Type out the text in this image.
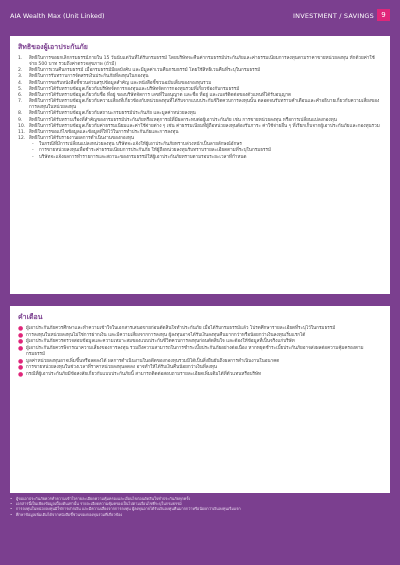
AIA Wealth Max (Unit Linked)	INVESTMENT / SAVINGS	9
สิทธิของผู้เอาประกันภัย
1.	สิทธิในการขอยกเลิกกรมธรรม์ภายใน 15 วันนับแต่วันที่ได้รับกรมธรรม์ โดยบริษัทจะคืนค่ากรมธรรม์ประกันภัยและค่าธรรมเนียมการลงทุนตามราคาขายหน่วยลงทุน หักด้วยค่าใช้จ่าย 500 บาท รวมถึงค่าตรวจสุขภาพ (ถ้ามี)
2.	สิทธิในการเวนคืนกรมธรรม์ เมื่อกรมธรรม์มีผลบังคับ และมีมูลค่าเวนคืนกรมธรรม์ โดยใช้สิทธิเวนคืนที่ระบุในกรมธรรม์
3.	สิทธิในการรับทราบการจัดสรรเงินประกันภัยที่ลงทุนในกองทุน
4.	สิทธิในการขอรับหนังสือชี้ชวนส่วนสรุปข้อมูลสำคัญ และหนังสือชี้ชวนฉบับเต็มของกองทุนรวม
5.	สิทธิในการได้รับทราบข้อมูลเกี่ยวกับบริษัทจัดการกองทุนและบริษัทจัดการกองทุนรวมที่เกี่ยวข้องกับกรมธรรม์
6.	สิทธิในการได้รับทราบข้อมูลเกี่ยวกับชื่อ ที่อยู่ ของบริษัทจัดการ เลขที่ใบอนุญาต และชื่อ ที่อยู่ และเบอร์ติดต่อของตัวแทนที่ได้รับอนุญาต
7.	สิทธิในการได้รับทราบข้อมูลเกี่ยวกับความเสี่ยงที่เกี่ยวข้องกับหน่วยลงทุนที่ได้รับจากแบบประกันชีวิตควบการลงทุนนั้น ตลอดจนรับทราบคำเตือนและคำอธิบายเกี่ยวกับความเสี่ยงของการลงทุนในหน่วยลงทุน
8.	สิทธิในการได้รับทราบข้อมูลเกี่ยวกับสถานะกรมธรรม์ประกันภัย และมูลค่าหน่วยลงทุน
9.	สิทธิในการได้รับทราบเรื่องที่สำคัญของกรมธรรม์ประกันภัยหรือเหตุการณ์ที่มีผลกระทบต่อผู้เอาประกันภัย เช่น การขายหน่วยลงทุน หรือการเปลี่ยนแปลงกองทุน
10. สิทธิในการได้รับทราบข้อมูลเกี่ยวกับค่าธรรมเนียมและค่าใช้จ่ายต่าง ๆ เช่น ค่าธรรมเนียมที่ผู้ถือหน่วยลงทุนต้องรับภาระ ค่าใช้จ่ายอื่น ๆ ที่เรียกเก็บจากผู้เอาประกันภัยและกองทุนรวม
11. สิทธิในการขอแก้ไขข้อมูลและข้อมูลที่ให้ไว้ในการทำประกันภัยและการลงทุน
12. สิทธิในการได้รับรายงานผลการดำเนินงานของกองทุน
-	ในกรณีที่มีการเปลี่ยนแปลงหน่วยลงทุน บริษัทจะแจ้งให้ผู้เอาประกันภัยทราบล่วงหน้าเป็นลายลักษณ์อักษร
-	การขายหน่วยลงทุนเพื่อชำระค่าธรรมเนียมการประกันภัย ให้ผู้ถือหน่วยลงทุนรับทราบรายละเอียดตามที่ระบุในกรมธรรม์
-	บริษัทจะแจ้งผลการทำรายการและสถานะของกรมธรรม์ให้ผู้เอาประกันภัยทราบตามรอบระยะเวลาที่กำหนด
คำเตือน
● ผู้เอาประกันภัยควรศึกษาและทำความเข้าใจในเอกสารเสนอขายก่อนตัดสินใจทำประกันภัย เมื่อได้รับกรมธรรม์แล้ว โปรดศึกษารายละเอียดที่ระบุไว้ในกรมธรรม์
● การลงทุนในหน่วยลงทุนไม่ใช่การฝากเงิน และมีความเสี่ยงจากการลงทุน ผู้ลงทุนอาจได้รับเงินลงทุนคืนมากกว่าหรือน้อยกว่าเงินลงทุนเริ่มแรกได้
● ผู้เอาประกันภัยควรตรวจสอบข้อมูลและความเหมาะสมของแบบประกันชีวิตควบการลงทุนก่อนตัดสินใจ และต้องให้ข้อมูลที่เป็นจริงแก่บริษัท
● ผู้เอาประกันภัยควรพิจารณาความเสี่ยงของการลงทุน รวมถึงความสามารถในการชำระเบี้ยประกันภัยอย่างต่อเนื่อง หากหยุดชำระเบี้ยประกันภัยอาจส่งผลต่อความคุ้มครองตามกรมธรรม์
● มูลค่าหน่วยลงทุนอาจเพิ่มขึ้นหรือลดลงได้ ผลการดำเนินงานในอดีตของกองทุนรวมมิได้เป็นสิ่งยืนยันถึงผลการดำเนินงานในอนาคต
● การขายหน่วยลงทุนในช่วงเวลาที่ราคาหน่วยลงทุนลดลง อาจทำให้ได้รับเงินคืนน้อยกว่าเงินที่ลงทุน
● กรณีที่ผู้เอาประกันภัยมีข้อสงสัยเกี่ยวกับแบบประกันภัยนี้ สามารถติดต่อสอบถามรายละเอียดเพิ่มเติมได้ที่ตัวแทนหรือบริษัท
• ผู้ขอเอาประกันภัยควรทำความเข้าใจรายละเอียดความคุ้มครองและเงื่อนไขก่อนตัดสินใจทำประกันภัยทุกครั้ง
• เอกสารนี้เป็นเพียงข้อมูลเบื้องต้นเท่านั้น รายละเอียดความคุ้มครองเป็นไปตามเงื่อนไขที่ระบุในกรมธรรม์
• การลงทุนในหน่วยลงทุนมิใช่การฝากเงิน และมีความเสี่ยงจากการลงทุน ผู้ลงทุนอาจได้รับเงินลงทุนคืนมากกว่าหรือน้อยกว่าเงินลงทุนเริ่มแรก
• ศึกษาข้อมูลเพิ่มเติมได้จากหนังสือชี้ชวนของกองทุนรวมที่เกี่ยวข้อง
